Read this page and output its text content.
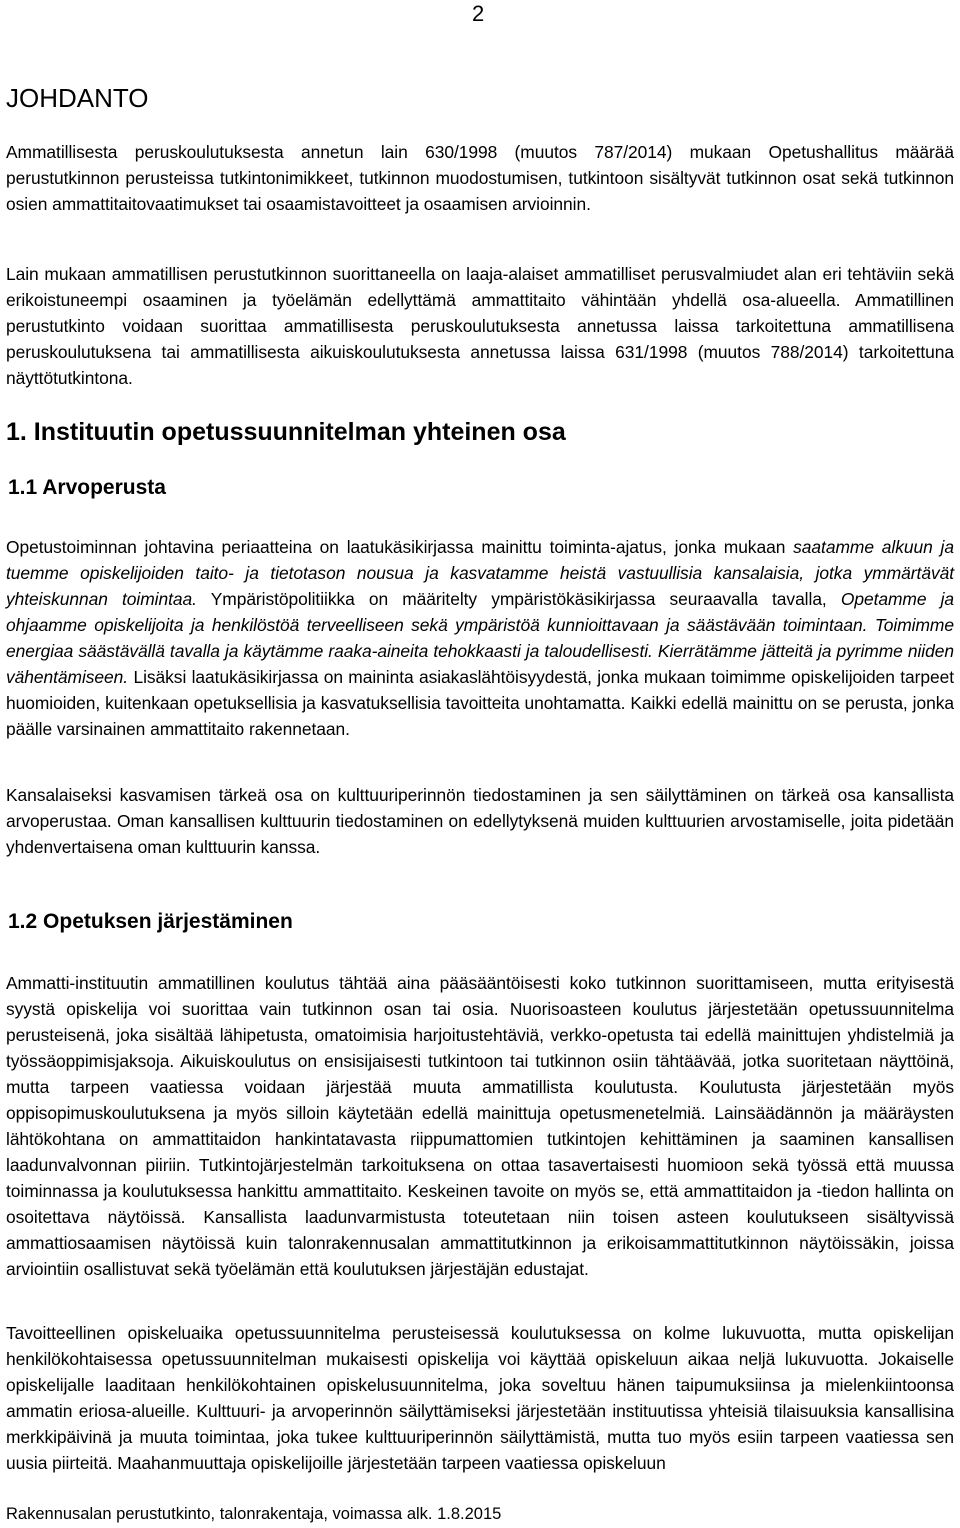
2
JOHDANTO

Ammatillisesta peruskoulutuksesta annetun lain 630/1998 (muutos 787/2014) mukaan Opetushallitus määrää perustutkinnon perusteissa tutkintonimikkeet, tutkinnon muodostumisen, tutkintoon sisältyvät tutkinnon osat sekä tutkinnon osien ammattitaitovaatimukset tai osaamistavoitteet ja osaamisen arvioinnin.

Lain mukaan ammatillisen perustutkinnon suorittaneella on laaja-alaiset ammatilliset perusvalmiudet alan eri tehtäviin sekä erikoistuneempi osaaminen ja työelämän edellyttämä ammattitaito vähintään yhdellä osa-alueella. Ammatillinen perustutkinto voidaan suorittaa ammatillisesta peruskoulutuksesta annetussa laissa tarkoitettuna ammatillisena peruskoulutuksena tai ammatillisesta aikuiskoulutuksesta annetussa laissa 631/1998 (muutos 788/2014) tarkoitettuna näyttötutkintona.

1. Instituutin opetussuunnitelman yhteinen osa
1.1 Arvoperusta

Opetustoiminnan johtavina periaatteina on laatukäsikirjassa mainittu toiminta-ajatus, jonka mukaan saatamme alkuun ja tuemme opiskelijoiden taito- ja tietotason nousua ja kasvatamme heistä vastuullisia kansalaisia, jotka ymmärtävät yhteiskunnan toimintaa. Ympäristöpolitiikka on määritelty ympäristökäsikirjassa seuraavalla tavalla, Opetamme ja ohjaamme opiskelijoita ja henkilöstöä terveelliseen sekä ympäristöä kunnioittavaan ja säästävään toimintaan. Toimimme energiaa säästävällä tavalla ja käytämme raaka-aineita tehokkaasti ja taloudellisesti. Kierrätämme jätteitä ja pyrimme niiden vähentämiseen. Lisäksi laatukäsikirjassa on maininta asiakaslähtöisyydestä, jonka mukaan toimimme opiskelijoiden tarpeet huomioiden, kuitenkaan opetuksellisia ja kasvatuksellisia tavoitteita unohtamatta. Kaikki edellä mainittu on se perusta, jonka päälle varsinainen ammattitaito rakennetaan.

Kansalaiseksi kasvamisen tärkeä osa on kulttuuriperinnön tiedostaminen ja sen säilyttäminen on tärkeä osa kansallista arvoperustaa. Oman kansallisen kulttuurin tiedostaminen on edellytyksenä muiden kulttuurien arvostamiselle, joita pidetään yhdenvertaisena oman kulttuurin kanssa.

1.2 Opetuksen järjestäminen

Ammatti-instituutin ammatillinen koulutus tähtää aina pääsääntöisesti koko tutkinnon suorittamiseen, mutta erityisestä syystä opiskelija voi suorittaa vain tutkinnon osan tai osia. Nuorisoasteen koulutus järjestetään opetussuunnitelma perusteisenä, joka sisältää lähipetusta, omatoimisia harjoitustehtäviä, verkko-opetusta tai edellä mainittujen yhdistelmiä ja työssäoppimisjaksoja. Aikuiskoulutus on ensisijaisesti tutkintoon tai tutkinnon osiin tähtäävää, jotka suoritetaan näyttöinä, mutta tarpeen vaatiessa voidaan järjestää muuta ammatillista koulutusta. Koulutusta järjestetään myös oppisopimuskoulutuksena ja myös silloin käytetään edellä mainittuja opetusmenetelmiä. Lainsäädännön ja määräysten lähtökohtana on ammattitaidon hankintatavasta riippumattomien tutkintojen kehittäminen ja saaminen kansallisen laadunvalvonnan piiriin. Tutkintojärjestelmän tarkoituksena on ottaa tasavertaisesti huomioon sekä työssä että muussa toiminnassa ja koulutuksessa hankittu ammattitaito. Keskeinen tavoite on myös se, että ammattitaidon ja -tiedon hallinta on osoitettava näytöissä. Kansallista laadunvarmistusta toteutetaan niin toisen asteen koulutukseen sisältyvissä ammattiosaamisen näytöissä kuin talonrakennusalan ammattitutkinnon ja erikoisammattitutkinnon näytöissäkin, joissa arviointiin osallistuvat sekä työelämän että koulutuksen järjestäjän edustajat.

Tavoitteellinen opiskeluaika opetussuunnitelma perusteisessä koulutuksessa on kolme lukuvuotta, mutta opiskelijan henkilökohtaisessa opetussuunnitelman mukaisesti opiskelija voi käyttää opiskeluun aikaa neljä lukuvuotta. Jokaiselle opiskelijalle laaditaan henkilökohtainen opiskelusuunnitelma, joka soveltuu hänen taipumuksiinsa ja mielenkiintoonsa ammatin eriosa-alueille. Kulttuuri- ja arvoperinnön säilyttämiseksi järjestetään instituutissa yhteisiä tilaisuuksia kansallisina merkkipäivinä ja muuta toimintaa, joka tukee kulttuuriperinnön säilyttämistä, mutta tuo myös esiin tarpeen vaatiessa sen uusia piirteitä. Maahanmuuttaja opiskelijoille järjestetään tarpeen vaatiessa opiskeluun

Rakennusalan perustutkinto, talonrakentaja, voimassa alk. 1.8.2015
